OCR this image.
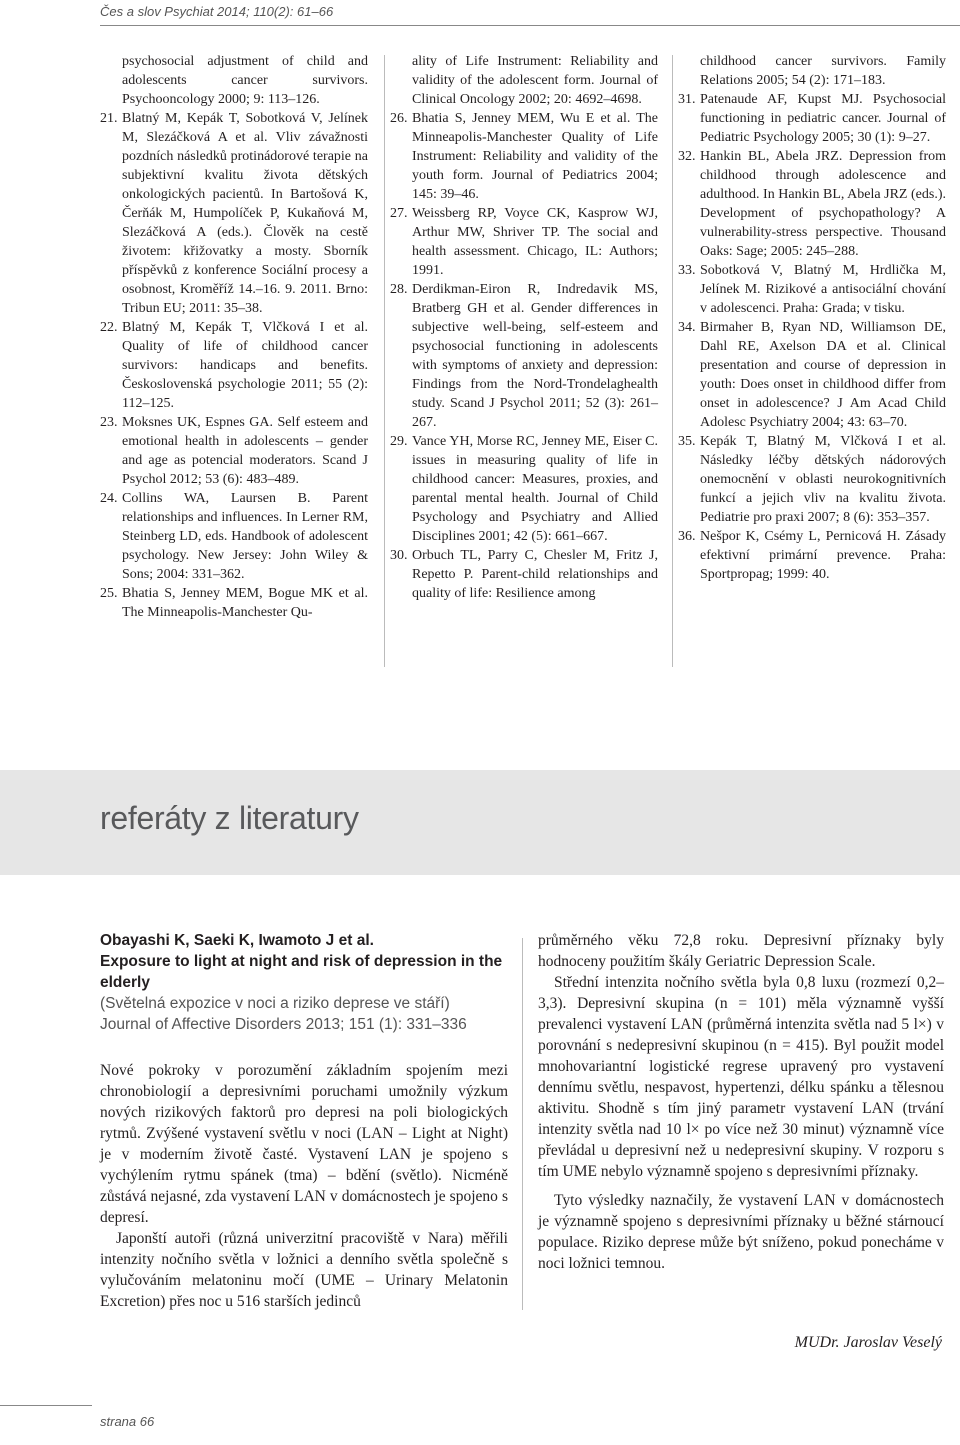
Čes a slov Psychiat 2014; 110(2): 61–66

psychosocial adjustment of child and adolescents cancer survivors. Psychooncology 2000; 9: 113–126.

21. Blatný M, Kepák T, Sobotková V, Jelínek M, Slezáčková A et al. Vliv závažnosti pozdních následků protinádorové terapie na subjektivní kvalitu života dětských onkologických pacientů. In Bartošová K, Čerňák M, Humpolíček P, Kukaňová M, Slezáčková A (eds.). Člověk na cestě životem: křižovatky a mosty. Sborník příspěvků z konference Sociální procesy a osobnost, Kroměříž 14.–16. 9. 2011. Brno: Tribun EU; 2011: 35–38.

22. Blatný M, Kepák T, Vlčková I et al. Quality of life of childhood cancer survivors: handicaps and benefits. Československá psychologie 2011; 55 (2): 112–125.

23. Moksnes UK, Espnes GA. Self esteem and emotional health in adolescents – gender and age as potencial moderators. Scand J Psychol 2012; 53 (6): 483–489.

24. Collins WA, Laursen B. Parent relationships and influences. In Lerner RM, Steinberg LD, eds. Handbook of adolescent psychology. New Jersey: John Wiley & Sons; 2004: 331–362.

25. Bhatia S, Jenney MEM, Bogue MK et al. The Minneapolis-Manchester Qu-

ality of Life Instrument: Reliability and validity of the adolescent form. Journal of Clinical Oncology 2002; 20: 4692–4698.

26. Bhatia S, Jenney MEM, Wu E et al. The Minneapolis-Manchester Quality of Life Instrument: Reliability and validity of the youth form. Journal of Pediatrics 2004; 145: 39–46.

27. Weissberg RP, Voyce CK, Kasprow WJ, Arthur MW, Shriver TP. The social and health assessment. Chicago, IL: Authors; 1991.

28. Derdikman-Eiron R, Indredavik MS, Bratberg GH et al. Gender differences in subjective well-being, self-esteem and psychosocial functioning in adolescents with symptoms of anxiety and depression: Findings from the Nord-Trondelaghealth study. Scand J Psychol 2011; 52 (3): 261–267.

29. Vance YH, Morse RC, Jenney ME, Eiser C. issues in measuring quality of life in childhood cancer: Measures, proxies, and parental mental health. Journal of Child Psychology and Psychiatry and Allied Disciplines 2001; 42 (5): 661–667.

30. Orbuch TL, Parry C, Chesler M, Fritz J, Repetto P. Parent-child relationships and quality of life: Resilience among

childhood cancer survivors. Family Relations 2005; 54 (2): 171–183.

31. Patenaude AF, Kupst MJ. Psychosocial functioning in pediatric cancer. Journal of Pediatric Psychology 2005; 30 (1): 9–27.

32. Hankin BL, Abela JRZ. Depression from childhood through adolescence and adulthood. In Hankin BL, Abela JRZ (eds.). Development of psychopathology? A vulnerability-stress perspective. Thousand Oaks: Sage; 2005: 245–288.

33. Sobotková V, Blatný M, Hrdlička M, Jelínek M. Rizikové a antisociální chování v adolescenci. Praha: Grada; v tisku.

34. Birmaher B, Ryan ND, Williamson DE, Dahl RE, Axelson DA et al. Clinical presentation and course of depression in youth: Does onset in childhood differ from onset in adolescence? J Am Acad Child Adolesc Psychiatry 2004; 43: 63–70.

35. Kepák T, Blatný M, Vlčková I et al. Následky léčby dětských nádorových onemocnění v oblasti neurokognitivních funkcí a jejich vliv na kvalitu života. Pediatrie pro praxi 2007; 8 (6): 353–357.

36. Nešpor K, Csémy L, Pernicová H. Zásady efektivní primární prevence. Praha: Sportpropag; 1999: 40.

referáty z literatury
Obayashi K, Saeki K, Iwamoto J et al.
Exposure to light at night and risk of depression in the elderly
(Světelná expozice v noci a riziko deprese ve stáří)
Journal of Affective Disorders 2013; 151 (1): 331–336

Nové pokroky v porozumění základním spojením mezi chronobiologií a depresivními poruchami umožnily výzkum nových rizikových faktorů pro depresi na poli biologických rytmů. Zvýšené vystavení světlu v noci (LAN – Light at Night) je v moderním životě časté. Vystavení LAN je spojeno s vychýlením rytmu spánek (tma) – bdění (světlo). Nicméně zůstává nejasné, zda vystavení LAN v domácnostech je spojeno s depresí.

Japonští autoři (různá univerzitní pracoviště v Nara) měřili intenzity nočního světla v ložnici a denního světla společně s vylučováním melatoninu močí (UME – Urinary Melatonin Excretion) přes noc u 516 starších jedinců

průměrného věku 72,8 roku. Depresivní příznaky byly hodnoceny použitím škály Geriatric Depression Scale.

Střední intenzita nočního světla byla 0,8 luxu (rozmezí 0,2–3,3). Depresivní skupina (n = 101) měla významně vyšší prevalenci vystavení LAN (průměrná intenzita světla nad 5 l×) v porovnání s nedepresivní skupinou (n = 415). Byl použit model mnohovariantní logistické regrese upravený pro vystavení dennímu světlu, nespavost, hypertenzi, délku spánku a tělesnou aktivitu. Shodně s tím jiný parametr vystavení LAN (trvání intenzity světla nad 10 l× po více než 30 minut) významně více převládal u depresivní než u nedepresivní skupiny. V rozporu s tím UME nebylo významně spojeno s depresivními příznaky.

Tyto výsledky naznačily, že vystavení LAN v domácnostech je významně spojeno s depresivními příznaky u běžné stárnoucí populace. Riziko deprese může být sníženo, pokud ponecháme v noci ložnici temnou.

MUDr. Jaroslav Veselý
strana 66
